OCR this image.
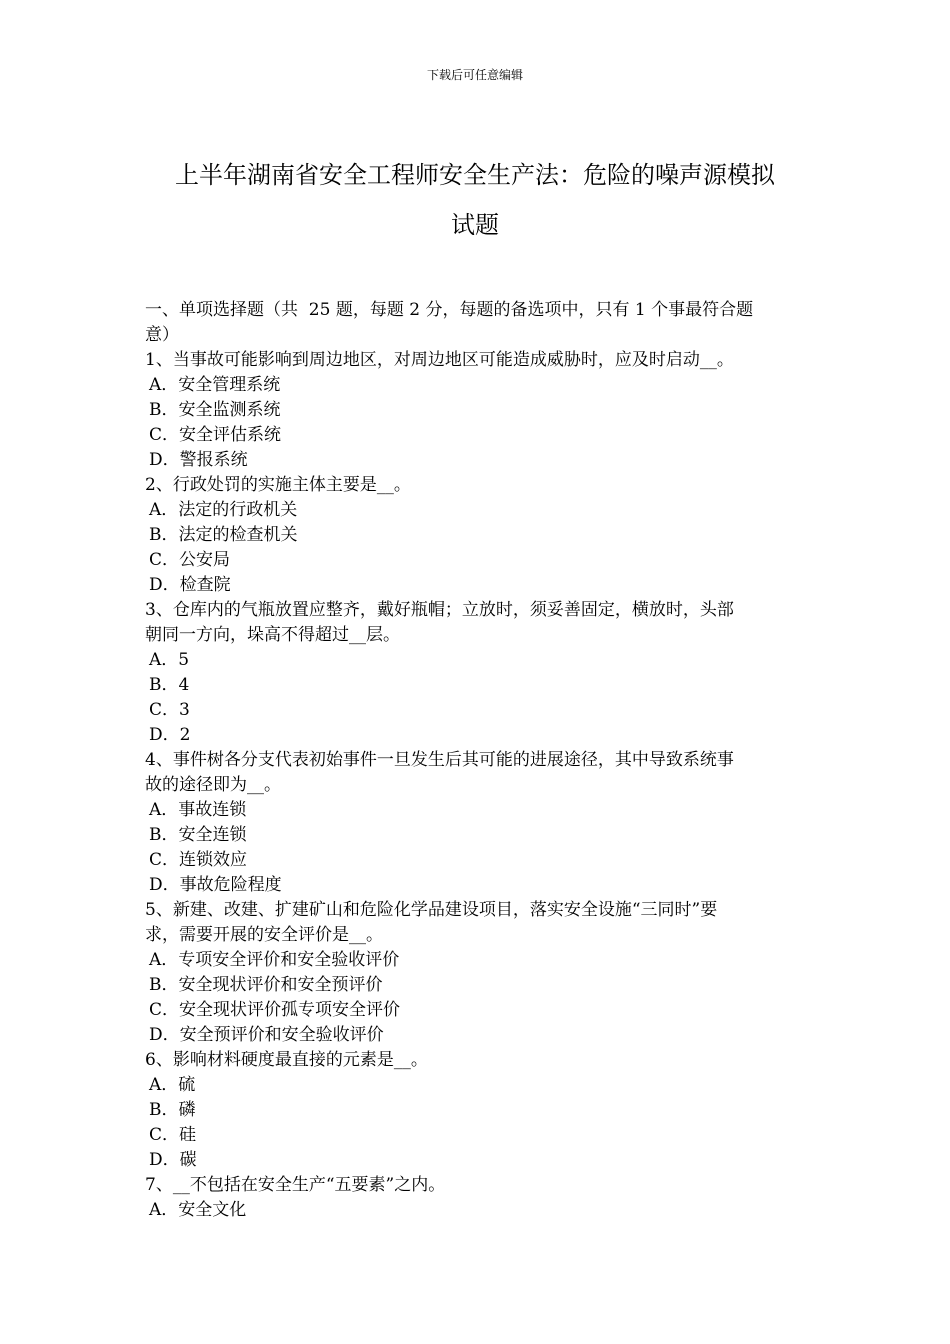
下载后可任意编辑
上半年湖南省安全工程师安全生产法：危险的噪声源模拟
试题
一、单项选择题（共  25 题，每题 2 分，每题的备选项中，只有 1 个事最符合题
意）
1、当事故可能影响到周边地区，对周边地区可能造成威胁时，应及时启动__。
A．安全管理系统
B．安全监测系统
C．安全评估系统
D．警报系统
2、行政处罚的实施主体主要是__。
A．法定的行政机关
B．法定的检查机关
C．公安局
D．检查院
3、仓库内的气瓶放置应整齐，戴好瓶帽；立放时，须妥善固定，横放时，头部
朝同一方向，垛高不得超过__层。
A．5
B．4
C．3
D．2
4、事件树各分支代表初始事件一旦发生后其可能的进展途径，其中导致系统事
故的途径即为__。
A．事故连锁
B．安全连锁
C．连锁效应
D．事故危险程度
5、新建、改建、扩建矿山和危险化学品建设项目，落实安全设施“三同时”要
求，需要开展的安全评价是__。
A．专项安全评价和安全验收评价
B．安全现状评价和安全预评价
C．安全现状评价孤专项安全评价
D．安全预评价和安全验收评价
6、影响材料硬度最直接的元素是__。
A．硫
B．磷
C．硅
D．碳
7、__不包括在安全生产“五要素”之内。
A．安全文化
